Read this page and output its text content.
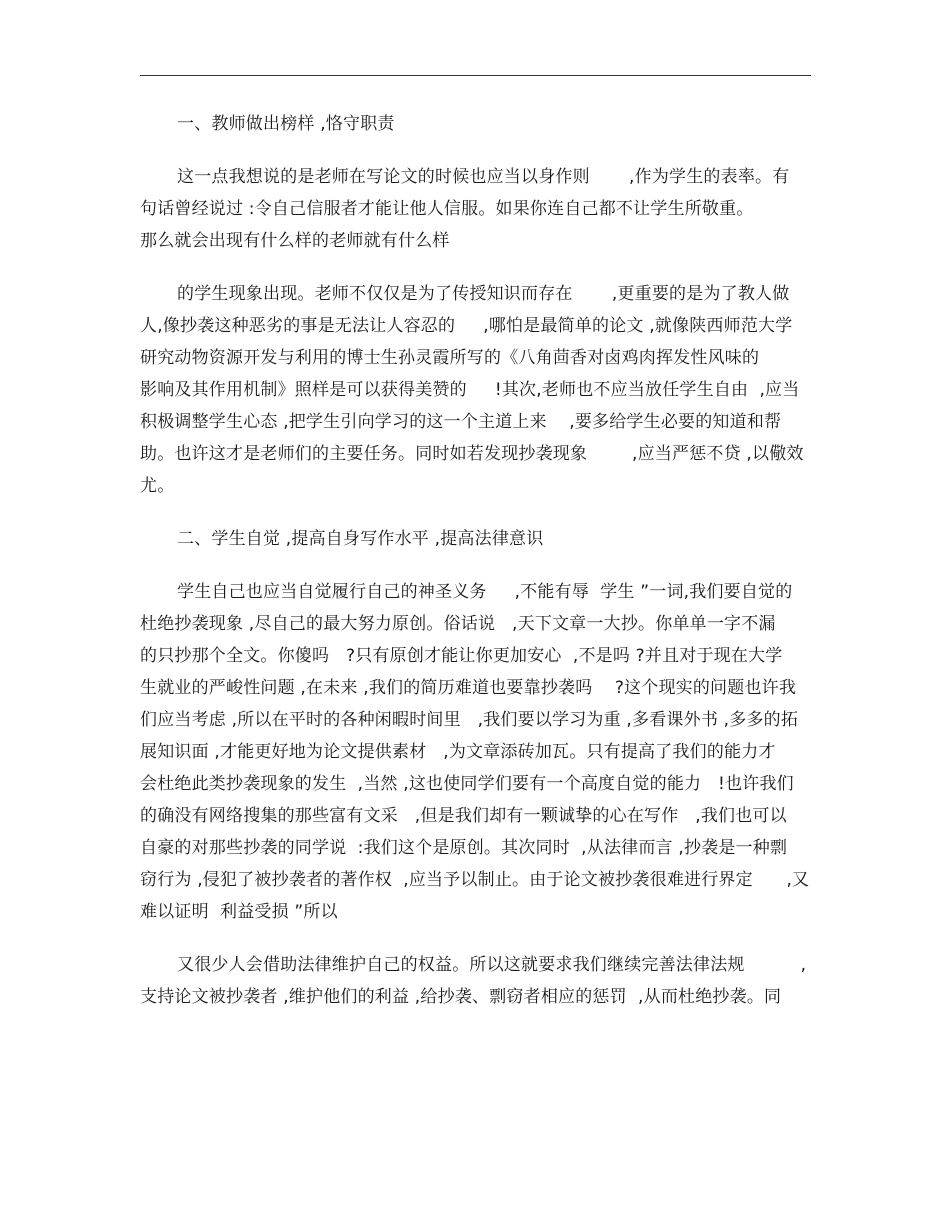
一、教师做出榜样 ,恪守职责
这一点我想说的是老师在写论文的时候也应当以身作则       ,作为学生的表率。有
句话曾经说过 :令自己信服者才能让他人信服。如果你连自己都不让学生所敬重。
那么就会出现有什么样的老师就有什么样
的学生现象出现。老师不仅仅是为了传授知识而存在       ,更重要的是为了教人做
人,像抄袭这种恶劣的事是无法让人容忍的     ,哪怕是最简单的论文 ,就像陕西师范大学
研究动物资源开发与利用的博士生孙灵霞所写的《八角茴香对卤鸡肉挥发性风味的
影响及其作用机制》照样是可以获得美赞的     !其次,老师也不应当放任学生自由  ,应当
积极调整学生心态 ,把学生引向学习的这一个主道上来    ,要多给学生必要的知道和帮
助。也许这才是老师们的主要任务。同时如若发现抄袭现象        ,应当严惩不贷 ,以儆效
尤。
二、学生自觉 ,提高自身写作水平 ,提高法律意识
学生自己也应当自觉履行自己的神圣义务     ,不能有辱  学生 ”一词,我们要自觉的
杜绝抄袭现象 ,尽自己的最大努力原创。俗话说   ,天下文章一大抄。你单单一字不漏
的只抄那个全文。你傻吗   ?只有原创才能让你更加安心  ,不是吗 ?并且对于现在大学
生就业的严峻性问题 ,在未来 ,我们的简历难道也要靠抄袭吗    ?这个现实的问题也许我
们应当考虑 ,所以在平时的各种闲暇时间里   ,我们要以学习为重 ,多看课外书 ,多多的拓
展知识面 ,才能更好地为论文提供素材   ,为文章添砖加瓦。只有提高了我们的能力才
会杜绝此类抄袭现象的发生  ,当然 ,这也使同学们要有一个高度自觉的能力   !也许我们
的确没有网络搜集的那些富有文采   ,但是我们却有一颗诚挚的心在写作   ,我们也可以
自豪的对那些抄袭的同学说  :我们这个是原创。其次同时  ,从法律而言 ,抄袭是一种剽
窃行为 ,侵犯了被抄袭者的著作权  ,应当予以制止。由于论文被抄袭很难进行界定      ,又
难以证明  利益受损 ”所以
又很少人会借助法律维护自己的权益。所以这就要求我们继续完善法律法规          ,
支持论文被抄袭者 ,维护他们的利益 ,给抄袭、剽窃者相应的惩罚  ,从而杜绝抄袭。同
